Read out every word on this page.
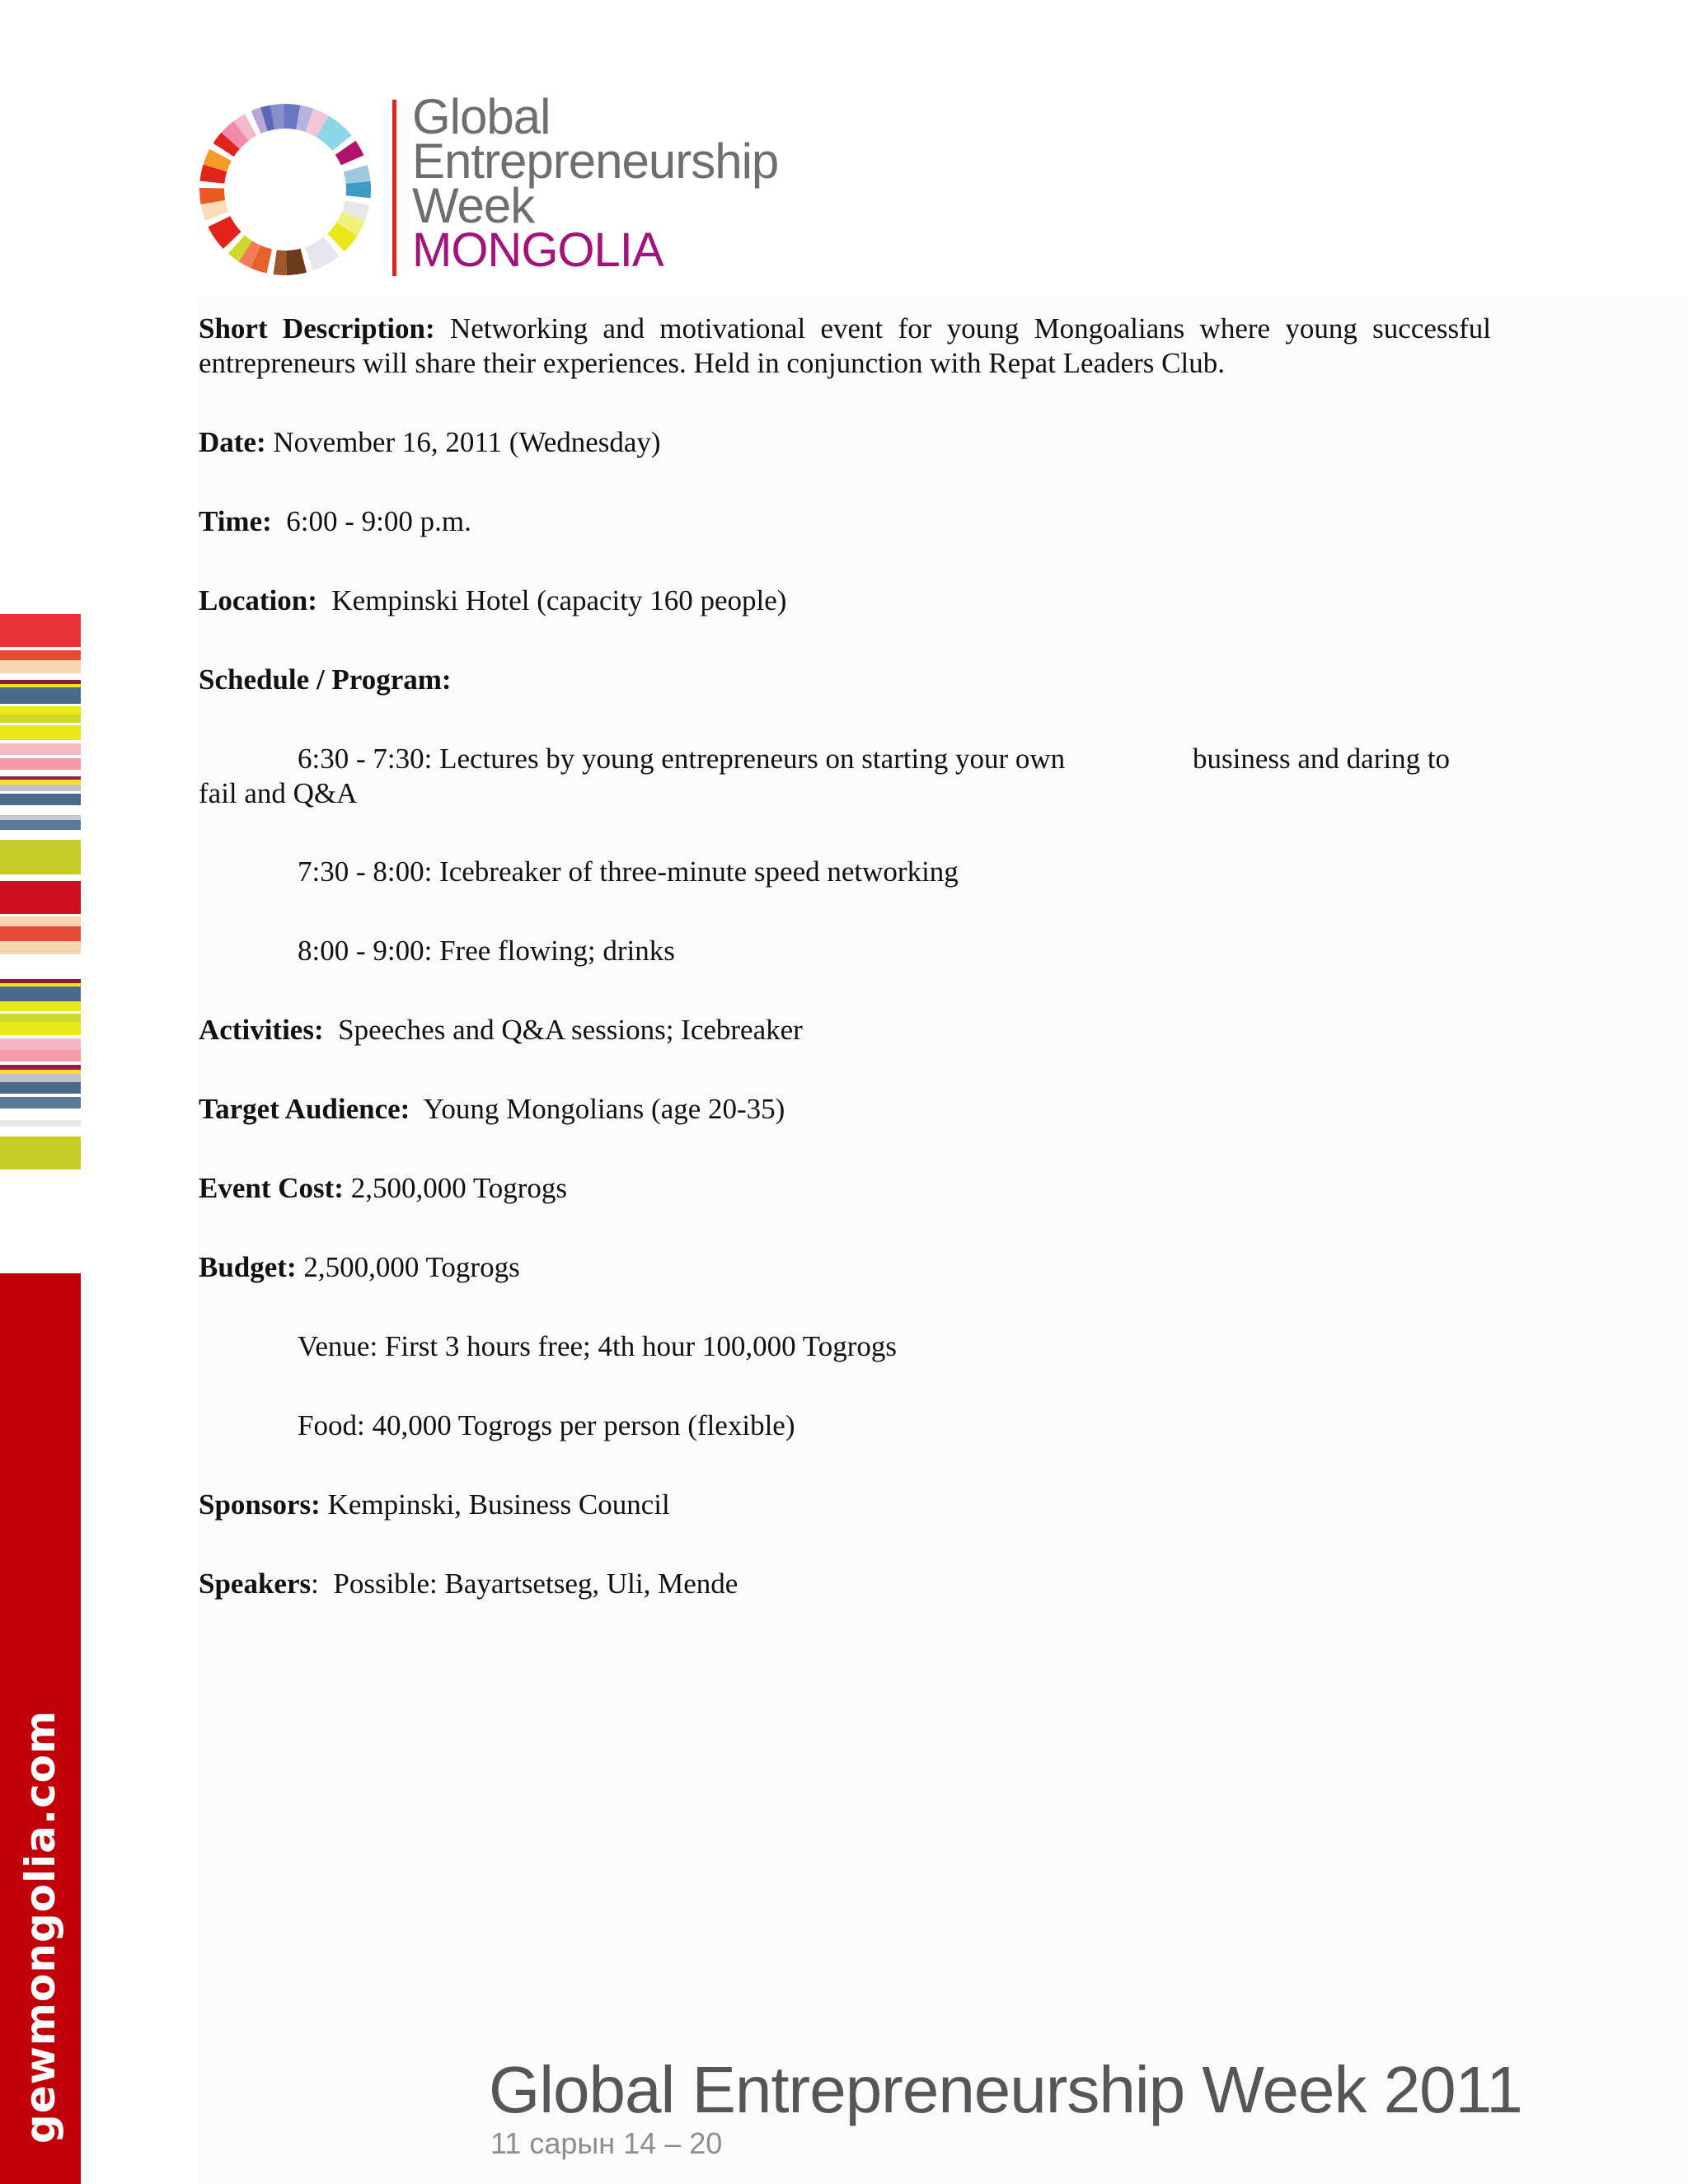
Global
Entrepreneurship
Week
MONGOLIA
gewmongolia.com

Short Description: Networking and motivational event for young Mongoalians where young successful entrepreneurs will share their experiences. Held in conjunction with Repat Leaders Club.

Date: November 16, 2011 (Wednesday)

Time: 6:00 - 9:00 p.m.

Location: Kempinski Hotel (capacity 160 people)

Schedule / Program:

6:30 - 7:30: Lectures by young entrepreneurs on starting your own	business and daring to
fail and Q&A

7:30 - 8:00: Icebreaker of three-minute speed networking

8:00 - 9:00: Free flowing; drinks

Activities: Speeches and Q&A sessions; Icebreaker

Target Audience: Young Mongolians (age 20-35)

Event Cost: 2,500,000 Togrogs

Budget: 2,500,000 Togrogs

Venue: First 3 hours free; 4th hour 100,000 Togrogs

Food: 40,000 Togrogs per person (flexible)

Sponsors: Kempinski, Business Council

Speakers: Possible: Bayartsetseg, Uli, Mende

Global Entrepreneurship Week 2011
11 сарын 14 – 20
